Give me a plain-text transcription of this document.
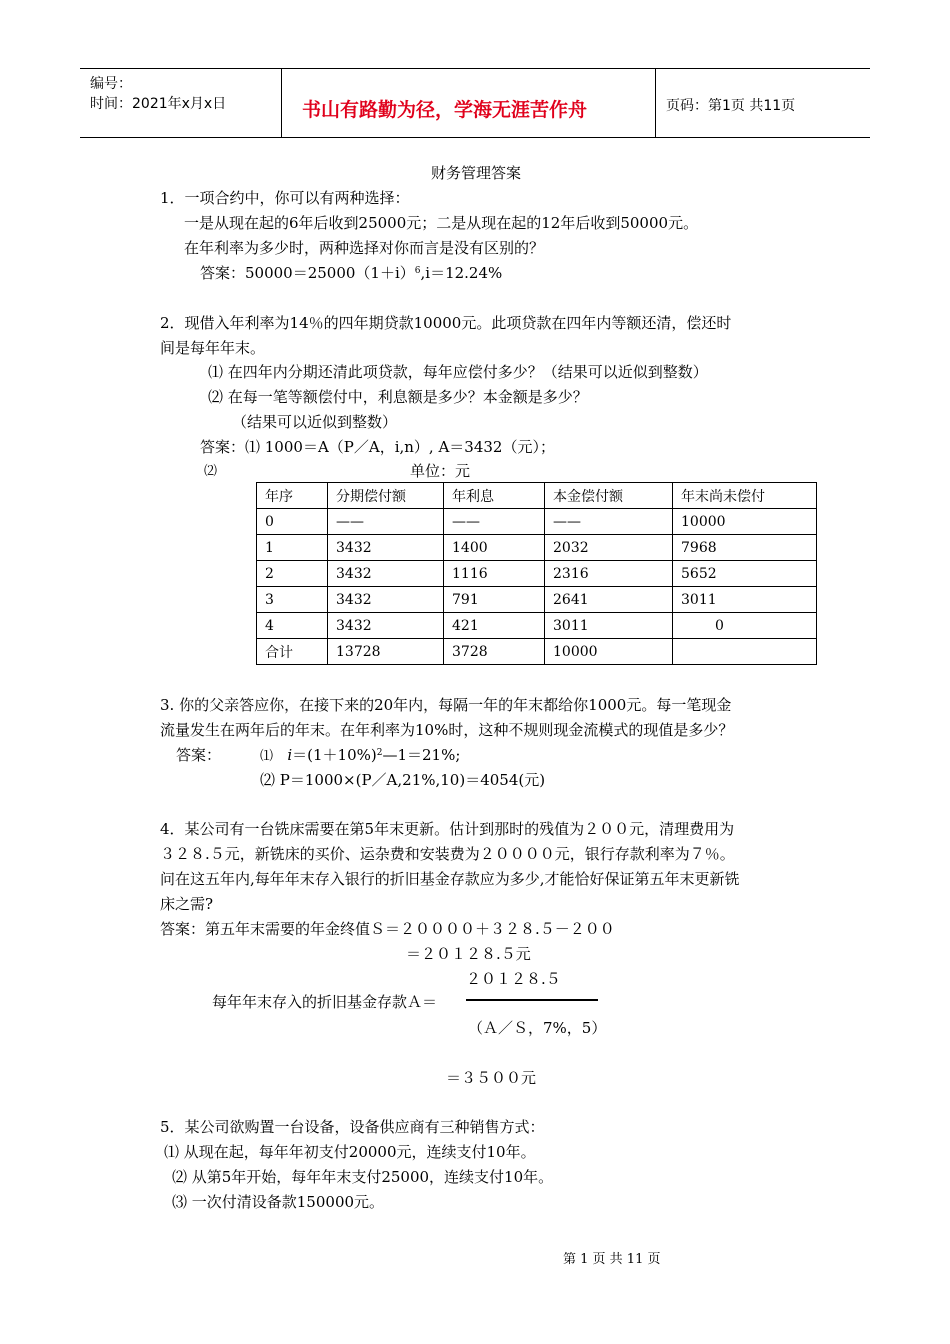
编号：
时间：2021年x月x日	书山有路勤为径，学海无涯苦作舟	页码：第1页 共11页
财务管理答案
1．一项合约中，你可以有两种选择：
一是从现在起的6年后收到25000元；二是从现在起的12年后收到50000元。
在年利率为多少时，两种选择对你而言是没有区别的？
答案：$50000=25000(1+i)^6,i=12.24\%$
2．现借入年利率为14％的四年期贷款10000元。此项贷款在四年内等额还清，偿还时
间是每年年末。
⑴ 在四年内分期还清此项贷款，每年应偿付多少？（结果可以近似到整数）
⑵ 在每一笔等额偿付中，利息额是多少？本金额是多少？
（结果可以近似到整数）
答案：⑴ 1000＝A（P／A，i,n）, A＝3432（元）；
⑵	单位：元
年序	分期偿付额	年利息	本金偿付额	年末尚未偿付
0	——	——	——	10000
1	3432	1400	2032	7968
2	3432	1116	2316	5652
3	3432	791	2641	3011
4	3432	421	3011	0
合计	13728	3728	10000	
3. 你的父亲答应你，在接下来的20年内，每隔一年的年末都给你1000元。每一笔现金
流量发生在两年后的年末。在年利率为10%时，这种不规则现金流模式的现值是多少？
答案：	⑴ $i=(1+10\%)^2—1=21\%$;
⑵ P＝1000×(P／A,21%,10)＝4054(元)
4．某公司有一台铣床需要在第5年末更新。估计到那时的残值为２００元，清理费用为
３２８.５元，新铣床的买价、运杂费和安装费为２００００元，银行存款利率为７％。
问在这五年内,每年年末存入银行的折旧基金存款应为多少,才能恰好保证第五年末更新铣
床之需?
答案：第五年末需要的年金终值Ｓ＝２００００＋３２８.５－２００
＝２０１２８.５元
２０１２８.５
每年年末存入的折旧基金存款Ａ＝
（Ａ／Ｓ，7%，5）
＝３５００元
5．某公司欲购置一台设备，设备供应商有三种销售方式：
⑴ 从现在起，每年年初支付20000元，连续支付10年。
⑵ 从第5年开始，每年年末支付25000，连续支付10年。
⑶ 一次付清设备款150000元。
第 1 页 共 11 页
